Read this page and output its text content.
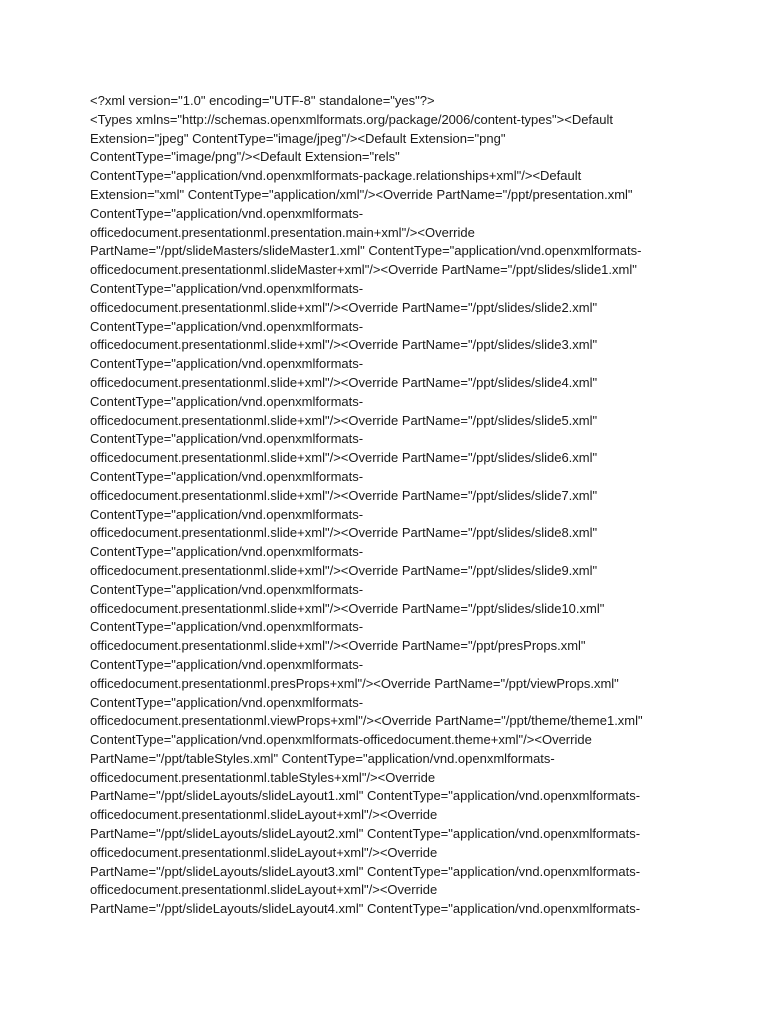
<?xml version="1.0" encoding="UTF-8" standalone="yes"?>
<Types xmlns="http://schemas.openxmlformats.org/package/2006/content-types"><Default
Extension="jpeg" ContentType="image/jpeg"/><Default Extension="png"
ContentType="image/png"/><Default Extension="rels"
ContentType="application/vnd.openxmlformats-package.relationships+xml"/><Default
Extension="xml" ContentType="application/xml"/><Override PartName="/ppt/presentation.xml"
ContentType="application/vnd.openxmlformats-
officedocument.presentationml.presentation.main+xml"/><Override
PartName="/ppt/slideMasters/slideMaster1.xml" ContentType="application/vnd.openxmlformats-
officedocument.presentationml.slideMaster+xml"/><Override PartName="/ppt/slides/slide1.xml"
ContentType="application/vnd.openxmlformats-
officedocument.presentationml.slide+xml"/><Override PartName="/ppt/slides/slide2.xml"
ContentType="application/vnd.openxmlformats-
officedocument.presentationml.slide+xml"/><Override PartName="/ppt/slides/slide3.xml"
ContentType="application/vnd.openxmlformats-
officedocument.presentationml.slide+xml"/><Override PartName="/ppt/slides/slide4.xml"
ContentType="application/vnd.openxmlformats-
officedocument.presentationml.slide+xml"/><Override PartName="/ppt/slides/slide5.xml"
ContentType="application/vnd.openxmlformats-
officedocument.presentationml.slide+xml"/><Override PartName="/ppt/slides/slide6.xml"
ContentType="application/vnd.openxmlformats-
officedocument.presentationml.slide+xml"/><Override PartName="/ppt/slides/slide7.xml"
ContentType="application/vnd.openxmlformats-
officedocument.presentationml.slide+xml"/><Override PartName="/ppt/slides/slide8.xml"
ContentType="application/vnd.openxmlformats-
officedocument.presentationml.slide+xml"/><Override PartName="/ppt/slides/slide9.xml"
ContentType="application/vnd.openxmlformats-
officedocument.presentationml.slide+xml"/><Override PartName="/ppt/slides/slide10.xml"
ContentType="application/vnd.openxmlformats-
officedocument.presentationml.slide+xml"/><Override PartName="/ppt/presProps.xml"
ContentType="application/vnd.openxmlformats-
officedocument.presentationml.presProps+xml"/><Override PartName="/ppt/viewProps.xml"
ContentType="application/vnd.openxmlformats-
officedocument.presentationml.viewProps+xml"/><Override PartName="/ppt/theme/theme1.xml"
ContentType="application/vnd.openxmlformats-officedocument.theme+xml"/><Override
PartName="/ppt/tableStyles.xml" ContentType="application/vnd.openxmlformats-
officedocument.presentationml.tableStyles+xml"/><Override
PartName="/ppt/slideLayouts/slideLayout1.xml" ContentType="application/vnd.openxmlformats-
officedocument.presentationml.slideLayout+xml"/><Override
PartName="/ppt/slideLayouts/slideLayout2.xml" ContentType="application/vnd.openxmlformats-
officedocument.presentationml.slideLayout+xml"/><Override
PartName="/ppt/slideLayouts/slideLayout3.xml" ContentType="application/vnd.openxmlformats-
officedocument.presentationml.slideLayout+xml"/><Override
PartName="/ppt/slideLayouts/slideLayout4.xml" ContentType="application/vnd.openxmlformats-
